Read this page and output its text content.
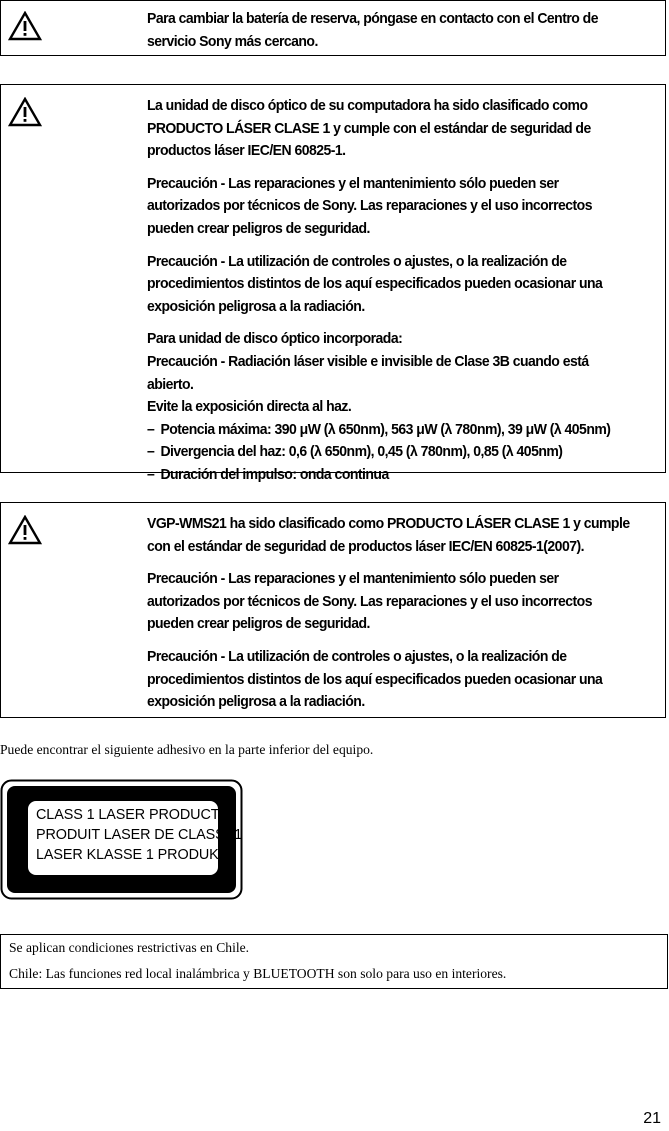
Para cambiar la batería de reserva, póngase en contacto con el Centro de
servicio Sony más cercano.

La unidad de disco óptico de su computadora ha sido clasificado como PRODUCTO LÁSER CLASE 1 y cumple con el estándar de seguridad de productos láser IEC/EN 60825-1.

Precaución - Las reparaciones y el mantenimiento sólo pueden ser autorizados por técnicos de Sony. Las reparaciones y el uso incorrectos pueden crear peligros de seguridad.

Precaución - La utilización de controles o ajustes, o la realización de procedimientos distintos de los aquí especificados pueden ocasionar una exposición peligrosa a la radiación.

Para unidad de disco óptico incorporada:
Precaución - Radiación láser visible e invisible de Clase 3B cuando está abierto.
Evite la exposición directa al haz.

– Potencia máxima: 390 μW (λ 650nm), 563 μW (λ 780nm), 39 μW (λ 405nm)
– Divergencia del haz: 0,6 (λ 650nm), 0,45 (λ 780nm), 0,85 (λ 405nm)
– Duración del impulso: onda continua

VGP-WMS21 ha sido clasificado como PRODUCTO LÁSER CLASE 1 y cumple con el estándar de seguridad de productos láser IEC/EN 60825-1(2007).

Precaución - Las reparaciones y el mantenimiento sólo pueden ser autorizados por técnicos de Sony. Las reparaciones y el uso incorrectos pueden crear peligros de seguridad.

Precaución - La utilización de controles o ajustes, o la realización de procedimientos distintos de los aquí especificados pueden ocasionar una exposición peligrosa a la radiación.

Puede encontrar el siguiente adhesivo en la parte inferior del equipo.
CLASS 1 LASER PRODUCT
PRODUIT LASER DE CLASSE1
LASER KLASSE 1 PRODUKT
Se aplican condiciones restrictivas en Chile.
Chile: Las funciones red local inalámbrica y BLUETOOTH son solo para uso en interiores.
21
